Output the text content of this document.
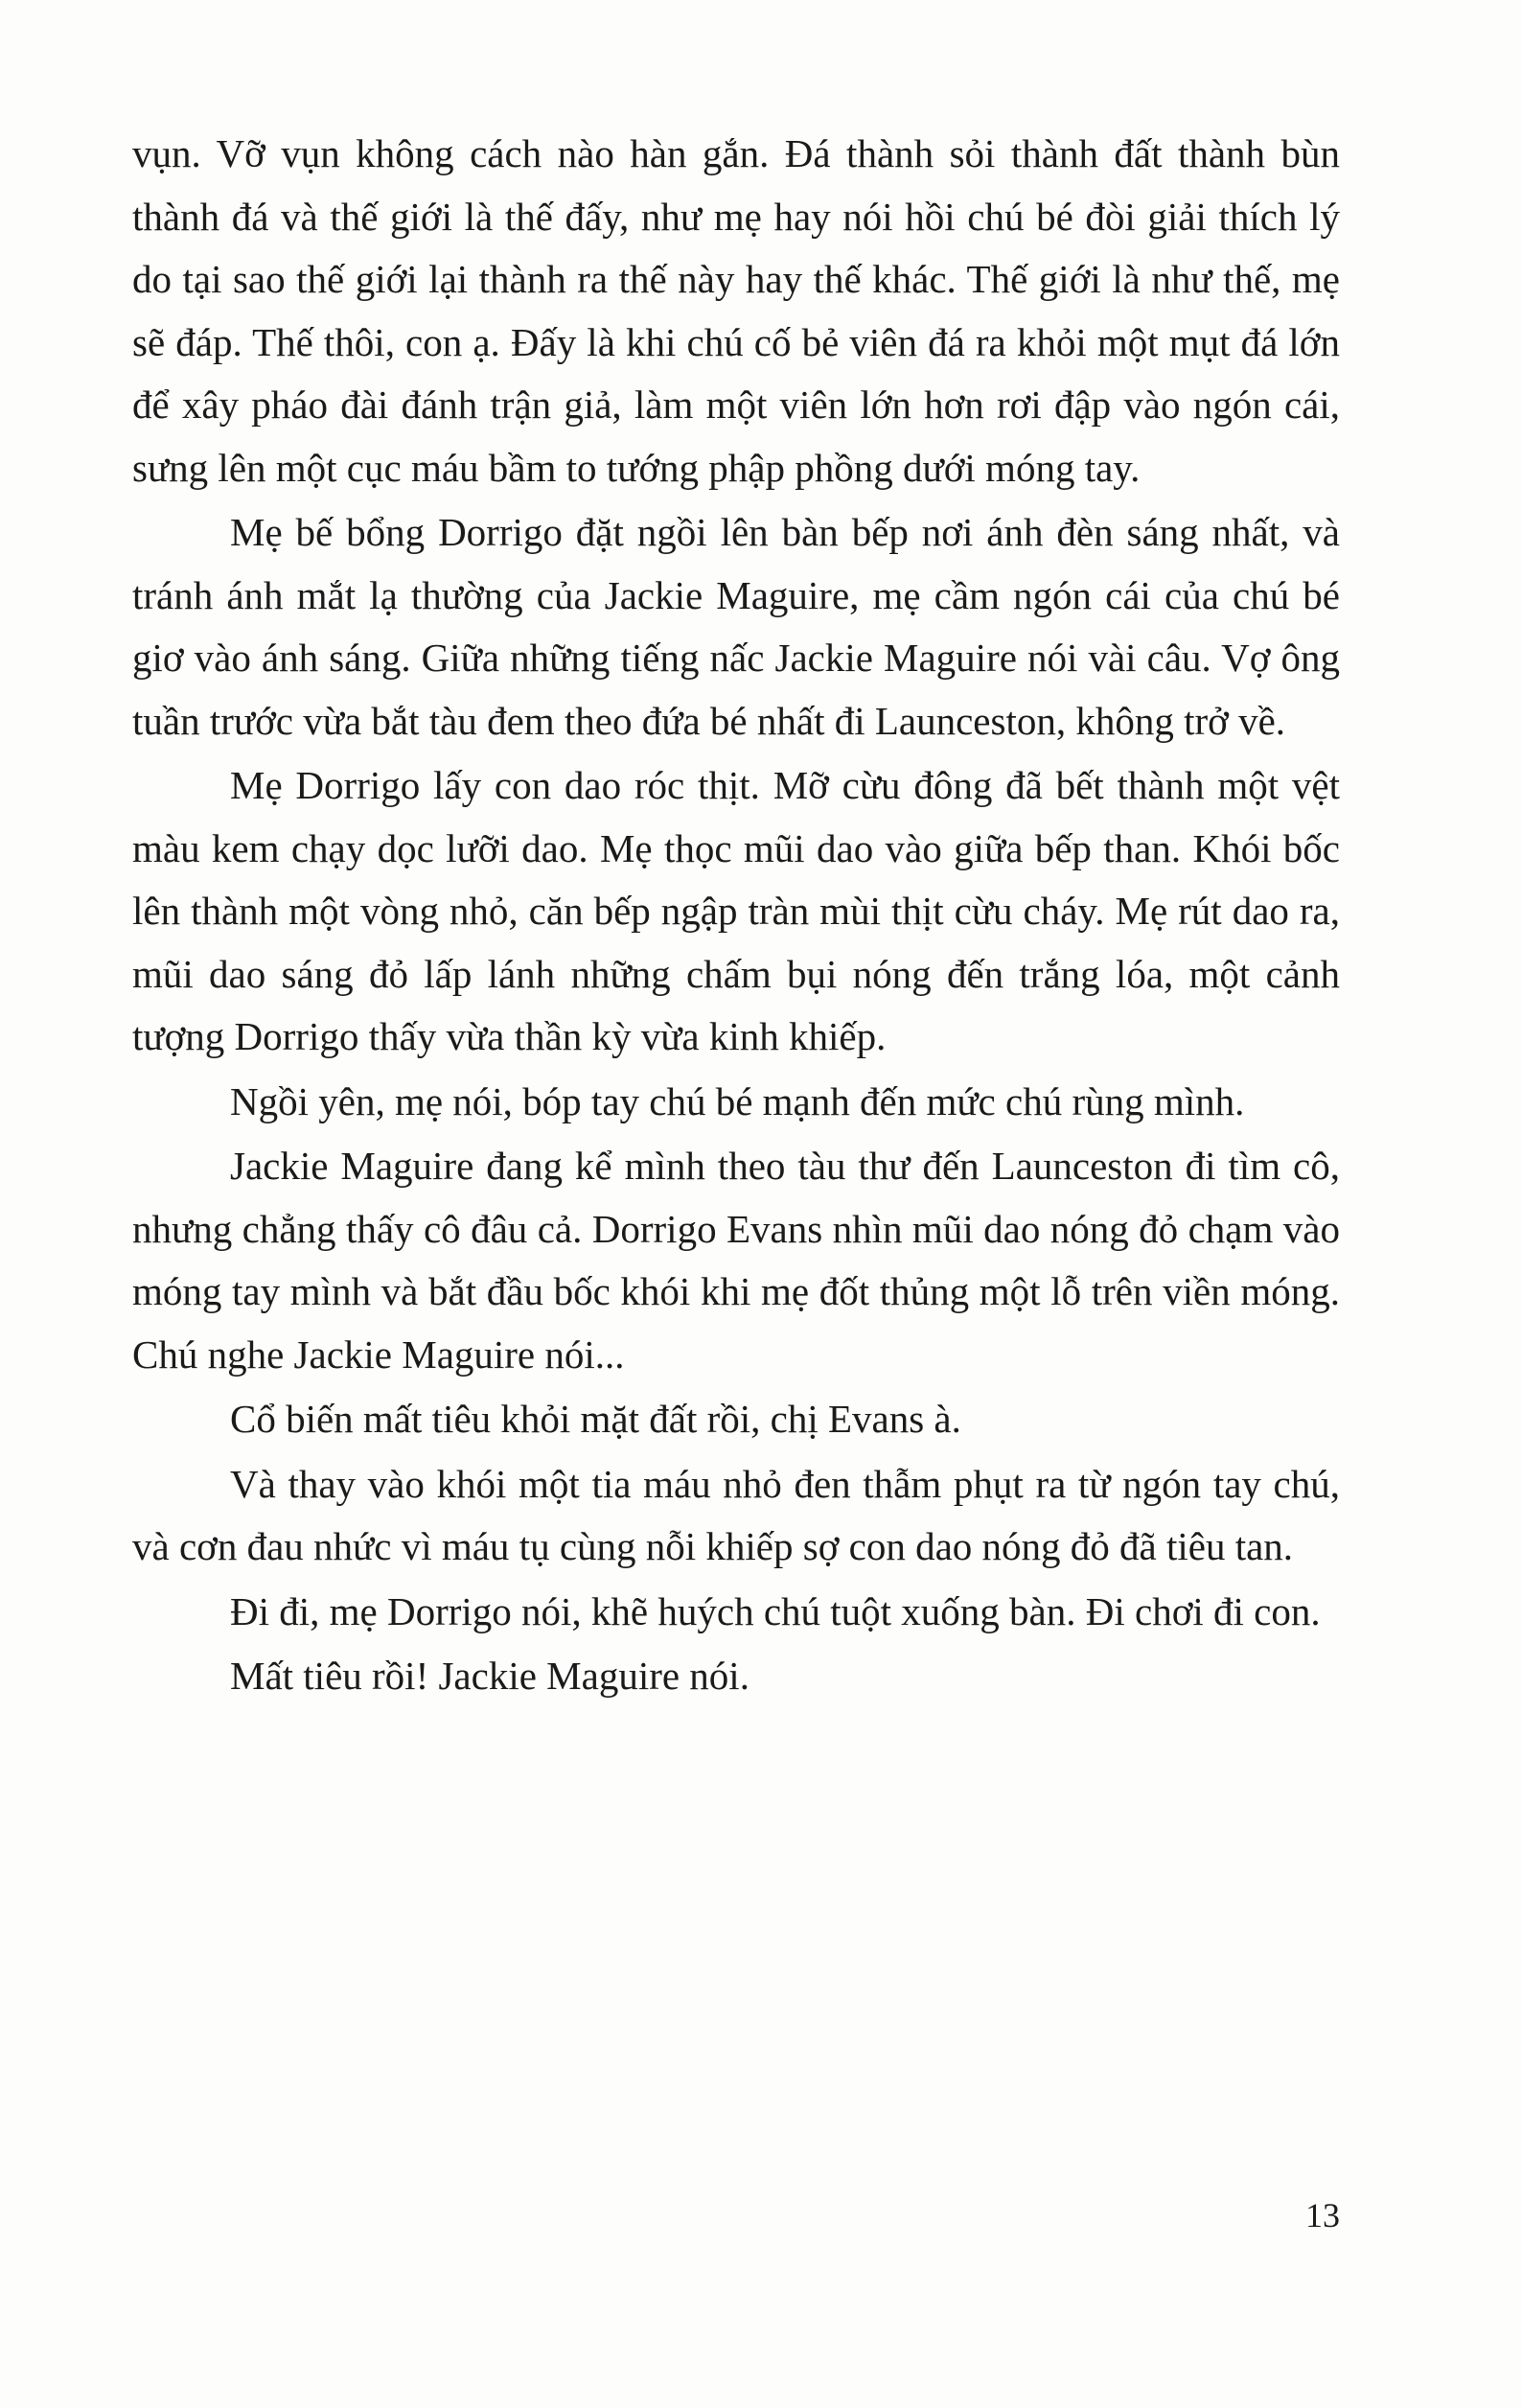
vụn. Vỡ vụn không cách nào hàn gắn. Đá thành sỏi thành đất thành bùn thành đá và thế giới là thế đấy, như mẹ hay nói hồi chú bé đòi giải thích lý do tại sao thế giới lại thành ra thế này hay thế khác. Thế giới là như thế, mẹ sẽ đáp. Thế thôi, con ạ. Đấy là khi chú cố bẻ viên đá ra khỏi một mụt đá lớn để xây pháo đài đánh trận giả, làm một viên lớn hơn rơi đập vào ngón cái, sưng lên một cục máu bầm to tướng phập phồng dưới móng tay.

Mẹ bế bổng Dorrigo đặt ngồi lên bàn bếp nơi ánh đèn sáng nhất, và tránh ánh mắt lạ thường của Jackie Maguire, mẹ cầm ngón cái của chú bé giơ vào ánh sáng. Giữa những tiếng nấc Jackie Maguire nói vài câu. Vợ ông tuần trước vừa bắt tàu đem theo đứa bé nhất đi Launceston, không trở về.

Mẹ Dorrigo lấy con dao róc thịt. Mỡ cừu đông đã bết thành một vệt màu kem chạy dọc lưỡi dao. Mẹ thọc mũi dao vào giữa bếp than. Khói bốc lên thành một vòng nhỏ, căn bếp ngập tràn mùi thịt cừu cháy. Mẹ rút dao ra, mũi dao sáng đỏ lấp lánh những chấm bụi nóng đến trắng lóa, một cảnh tượng Dorrigo thấy vừa thần kỳ vừa kinh khiếp.

Ngồi yên, mẹ nói, bóp tay chú bé mạnh đến mức chú rùng mình.

Jackie Maguire đang kể mình theo tàu thư đến Launceston đi tìm cô, nhưng chẳng thấy cô đâu cả. Dorrigo Evans nhìn mũi dao nóng đỏ chạm vào móng tay mình và bắt đầu bốc khói khi mẹ đốt thủng một lỗ trên viền móng. Chú nghe Jackie Maguire nói...

Cổ biến mất tiêu khỏi mặt đất rồi, chị Evans à.

Và thay vào khói một tia máu nhỏ đen thẫm phụt ra từ ngón tay chú, và cơn đau nhức vì máu tụ cùng nỗi khiếp sợ con dao nóng đỏ đã tiêu tan.

Đi đi, mẹ Dorrigo nói, khẽ huých chú tuột xuống bàn. Đi chơi đi con.

Mất tiêu rồi! Jackie Maguire nói.

13
